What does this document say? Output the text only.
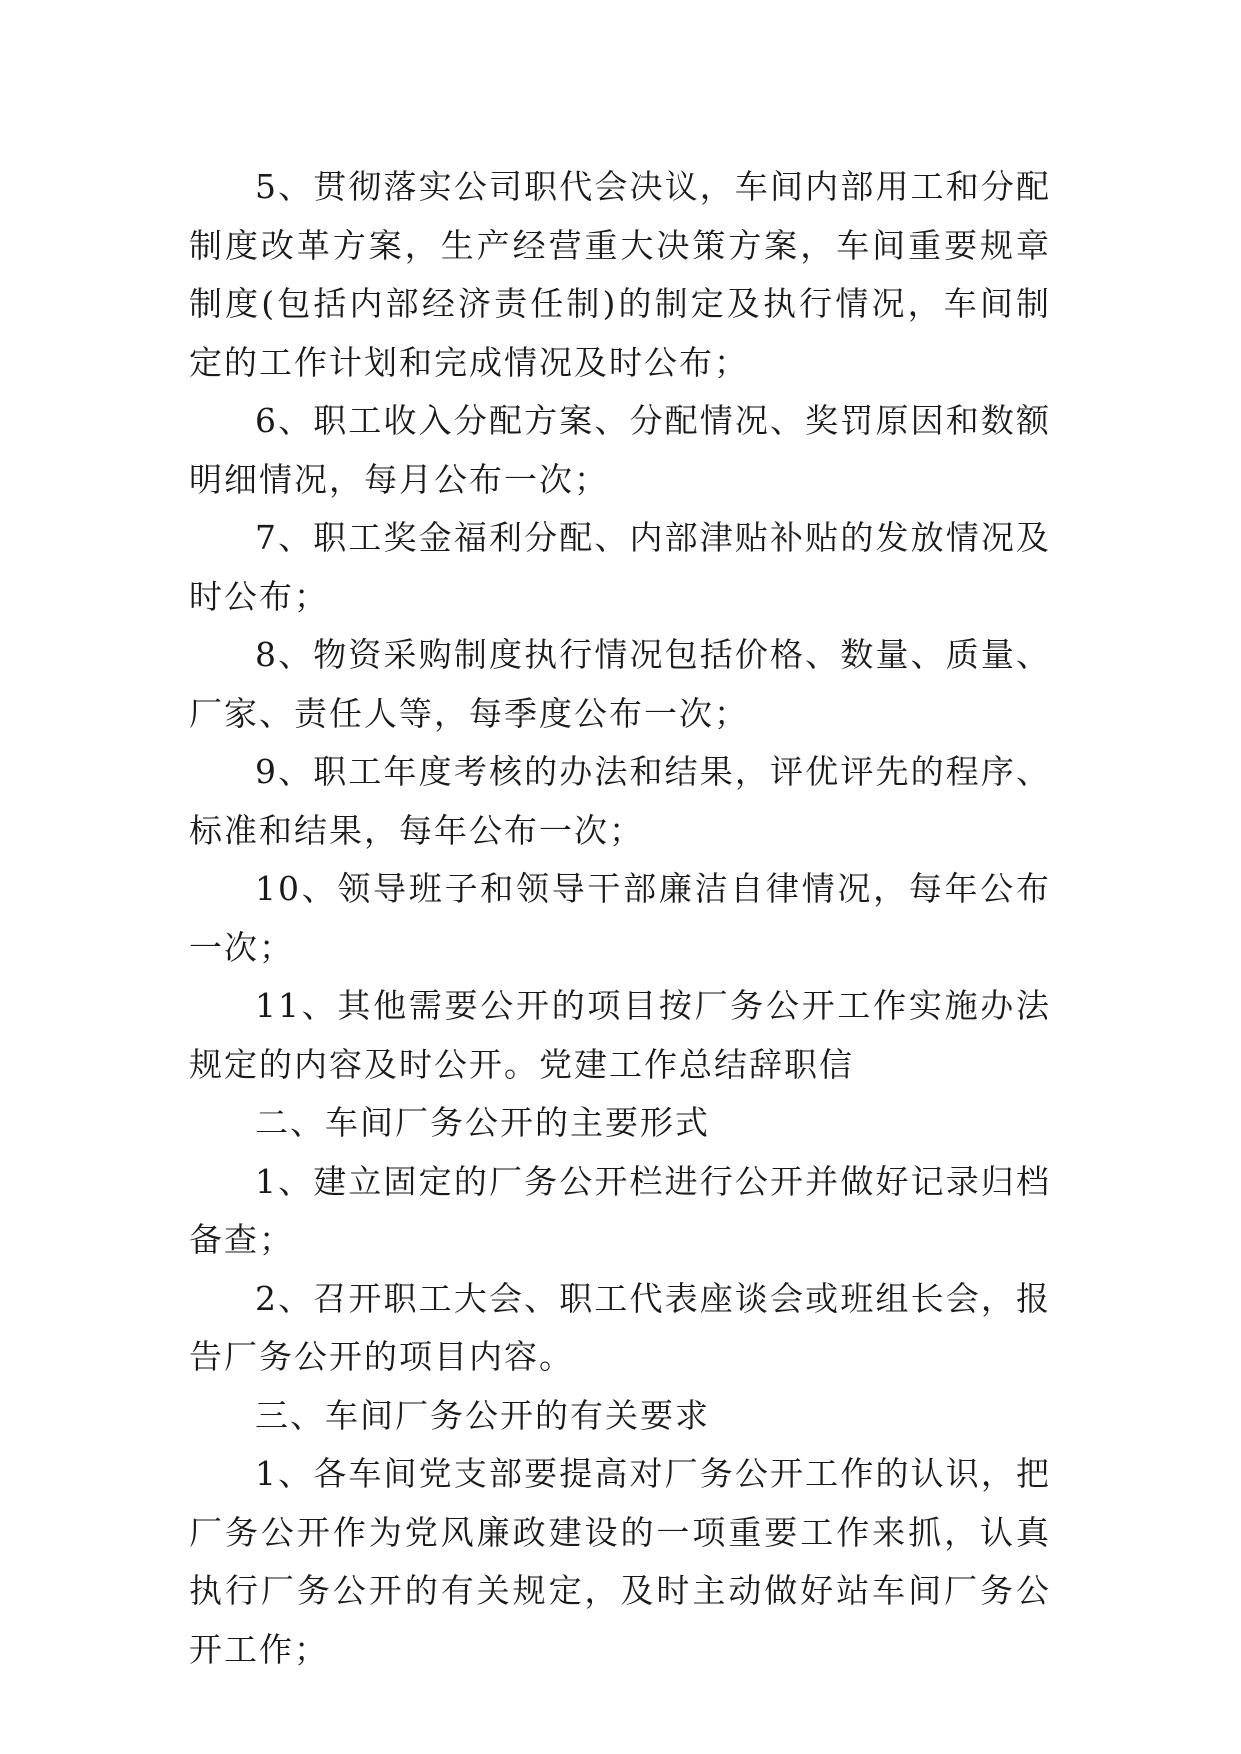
5、贯彻落实公司职代会决议，车间内部用工和分配制度改革方案，生产经营重大决策方案，车间重要规章制度(包括内部经济责任制)的制定及执行情况，车间制定的工作计划和完成情况及时公布；

6、职工收入分配方案、分配情况、奖罚原因和数额明细情况，每月公布一次；

7、职工奖金福利分配、内部津贴补贴的发放情况及时公布；

8、物资采购制度执行情况包括价格、数量、质量、厂家、责任人等，每季度公布一次；

9、职工年度考核的办法和结果，评优评先的程序、标准和结果，每年公布一次；

10、领导班子和领导干部廉洁自律情况，每年公布一次；

11、其他需要公开的项目按厂务公开工作实施办法规定的内容及时公开。党建工作总结辞职信

二、车间厂务公开的主要形式

1、建立固定的厂务公开栏进行公开并做好记录归档备查；

2、召开职工大会、职工代表座谈会或班组长会，报告厂务公开的项目内容。

三、车间厂务公开的有关要求

1、各车间党支部要提高对厂务公开工作的认识，把厂务公开作为党风廉政建设的一项重要工作来抓，认真执行厂务公开的有关规定，及时主动做好站车间厂务公开工作；
